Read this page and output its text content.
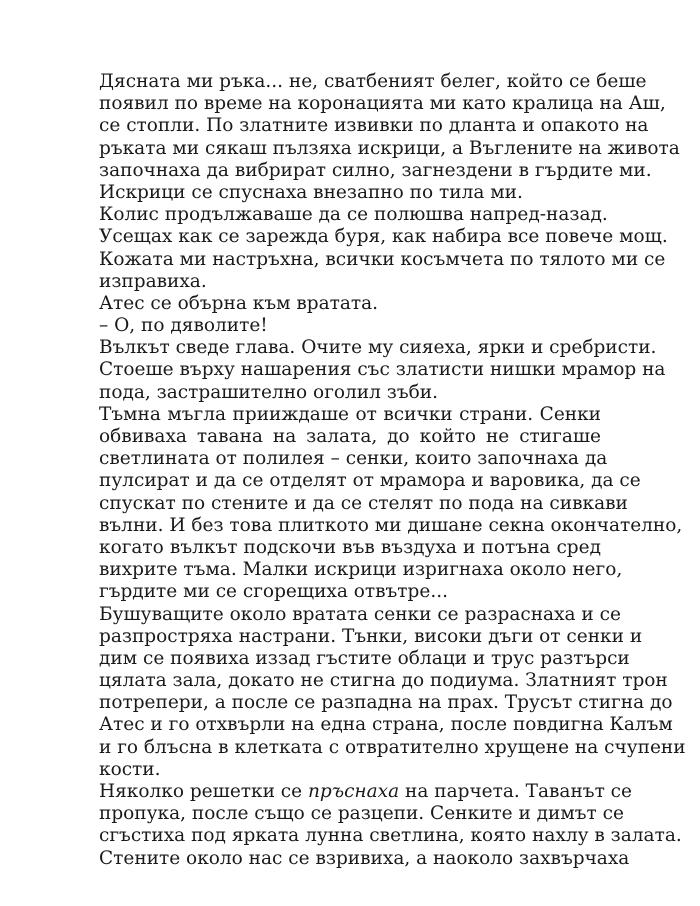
Дясната ми ръка... не, сватбеният белег, който се беше
появил по време на коронацията ми като кралица на Аш,
се стопли. По златните извивки по дланта и опакото на
ръката ми сякаш пълзяха искрици, а Въглените на живота
започнаха да вибрират силно, загнездени в гърдите ми.
Искрици се спуснаха внезапно по тила ми.
Колис продължаваше да се полюшва напред-назад.
Усещах как се зарежда буря, как набира все повече мощ.
Кожата ми настръхна, всички косъмчета по тялото ми се
изправиха.
Атес се обърна към вратата.
– О, по дяволите!
Вълкът сведе глава. Очите му сияеха, ярки и сребристи.
Стоеше върху нашарения със златисти нишки мрамор на
пода, застрашително оголил зъби.
Тъмна мъгла прииждаше от всички страни. Сенки
обвиваха тавана на залата, до който не стигаше
светлината от полилея – сенки, които започнаха да
пулсират и да се отделят от мрамора и варовика, да се
спускат по стените и да се стелят по пода на сивкави
вълни. И без това плиткото ми дишане секна окончателно,
когато вълкът подскочи във въздуха и потъна сред
вихрите тъма. Малки искрици изригнаха около него,
гърдите ми се сгорещиха отвътре...
Бушуващите около вратата сенки се разраснаха и се
разпростряха настрани. Тънки, високи дъги от сенки и
дим се появиха иззад гъстите облаци и трус разтърси
цялата зала, докато не стигна до подиума. Златният трон
потрепери, а после се разпадна на прах. Трусът стигна до
Атес и го отхвърли на една страна, после повдигна Калъм
и го блъсна в клетката с отвратително хрущене на счупени
кости.
Няколко решетки се пръснаха на парчета. Таванът се
пропука, после също се разцепи. Сенките и димът се
сгъстиха под ярката лунна светлина, която нахлу в залата.
Стените около нас се взривиха, а наоколо захвърчаха
